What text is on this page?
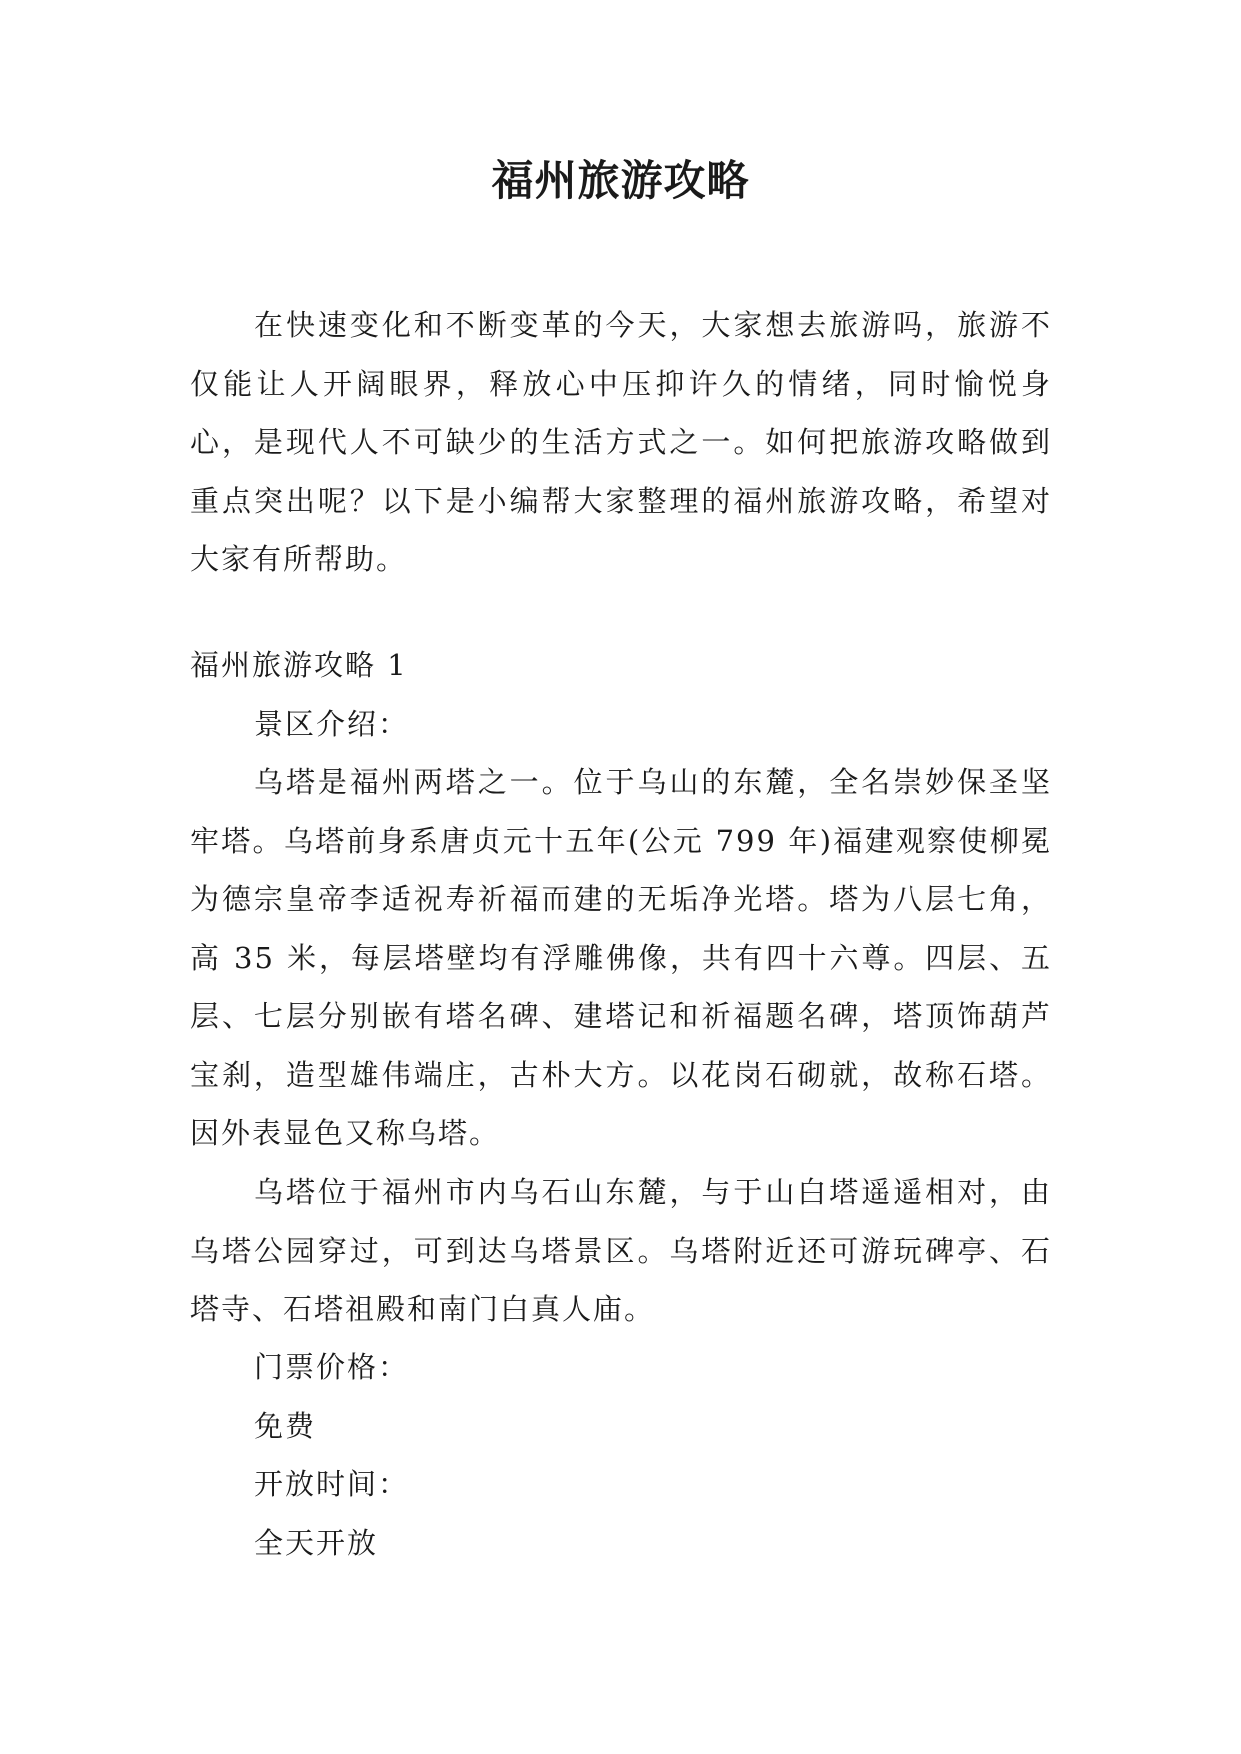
福州旅游攻略

在快速变化和不断变革的今天，大家想去旅游吗，旅游不仅能让人开阔眼界，释放心中压抑许久的情绪，同时愉悦身心，是现代人不可缺少的生活方式之一。如何把旅游攻略做到重点突出呢？以下是小编帮大家整理的福州旅游攻略，希望对大家有所帮助。

福州旅游攻略 1

景区介绍：

乌塔是福州两塔之一。位于乌山的东麓，全名崇妙保圣坚牢塔。乌塔前身系唐贞元十五年(公元 799 年)福建观察使柳冕为德宗皇帝李适祝寿祈福而建的无垢净光塔。塔为八层七角，高 35 米，每层塔壁均有浮雕佛像，共有四十六尊。四层、五层、七层分别嵌有塔名碑、建塔记和祈福题名碑，塔顶饰葫芦宝刹，造型雄伟端庄，古朴大方。以花岗石砌就，故称石塔。因外表显色又称乌塔。

乌塔位于福州市内乌石山东麓，与于山白塔遥遥相对，由乌塔公园穿过，可到达乌塔景区。乌塔附近还可游玩碑亭、石塔寺、石塔祖殿和南门白真人庙。

门票价格：

免费

开放时间：

全天开放
